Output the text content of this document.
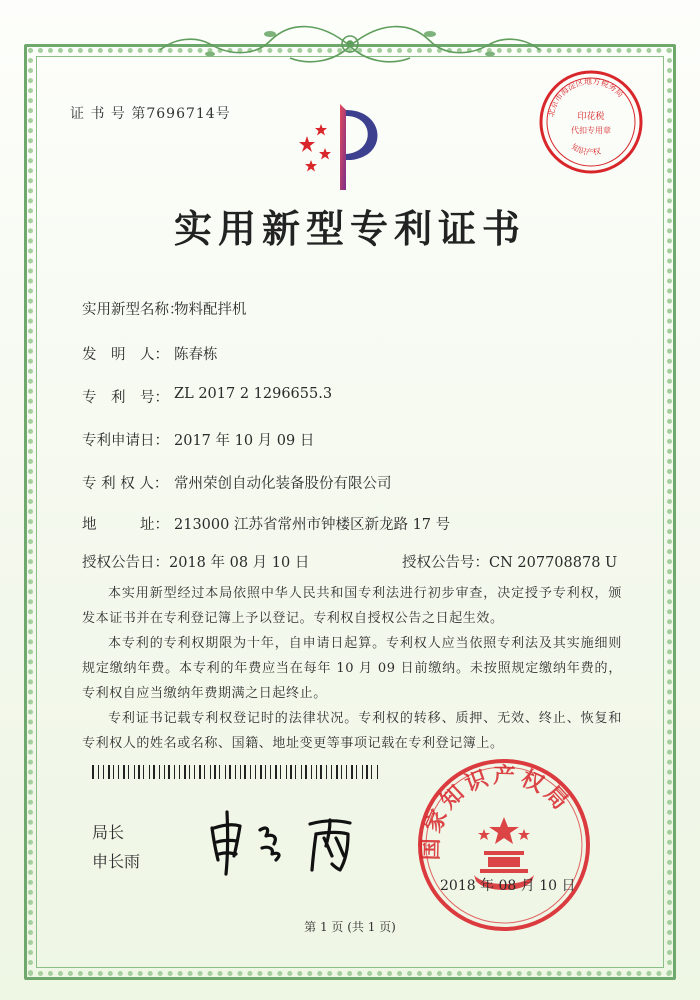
证 书 号 第7696714号	北京市海淀区地方税务局
知识产权
印花税
代扣专用章
实用新型专利证书
实用新型名称：
物料配拌机
发　明　人： 陈春栋
专　利　号： ZL 2017 2 1296655.3
专利申请日： 2017 年 10 月 09 日
专 利 权 人： 常州荣创自动化装备股份有限公司
地　　　址： 213000 江苏省常州市钟楼区新龙路 17 号
授权公告日：2018 年 08 月 10 日	授权公告号：CN 207708878 U
本实用新型经过本局依照中华人民共和国专利法进行初步审查，决定授予专利权，颁发本证书并在专利登记簿上予以登记。专利权自授权公告之日起生效。
本专利的专利权期限为十年，自申请日起算。专利权人应当依照专利法及其实施细则规定缴纳年费。本专利的年费应当在每年 10 月 09 日前缴纳。未按照规定缴纳年费的，专利权自应当缴纳年费期满之日起终止。
专利证书记载专利权登记时的法律状况。专利权的转移、质押、无效、终止、恢复和专利权人的姓名或名称、国籍、地址变更等事项记载在专利登记簿上。
局长
申长雨
国家知识产权局
2018 年 08 月 10 日
第 1 页 (共 1 页)
